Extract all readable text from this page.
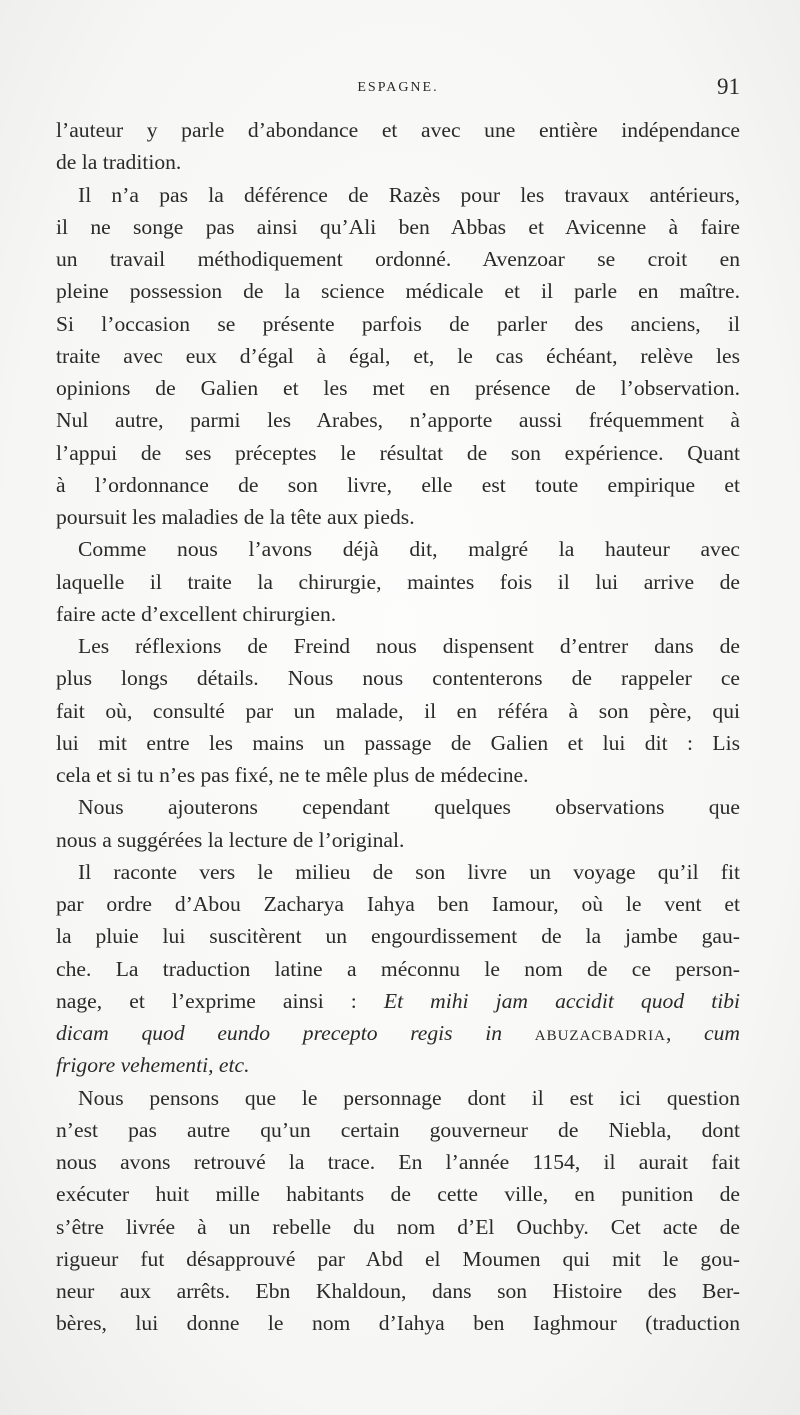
ESPAGNE.	91
l’auteur y parle d’abondance et avec une entière indépendance
de la tradition.
Il n’a pas la déférence de Razès pour les travaux antérieurs,
il ne songe pas ainsi qu’Ali ben Abbas et Avicenne à faire
un travail méthodiquement ordonné. Avenzoar se croit en
pleine possession de la science médicale et il parle en maître.
Si l’occasion se présente parfois de parler des anciens, il
traite avec eux d’égal à égal, et, le cas échéant, relève les
opinions de Galien et les met en présence de l’observation.
Nul autre, parmi les Arabes, n’apporte aussi fréquemment à
l’appui de ses préceptes le résultat de son expérience. Quant
à l’ordonnance de son livre, elle est toute empirique et
poursuit les maladies de la tête aux pieds.
Comme nous l’avons déjà dit, malgré la hauteur avec
laquelle il traite la chirurgie, maintes fois il lui arrive de
faire acte d’excellent chirurgien.
Les réflexions de Freind nous dispensent d’entrer dans de
plus longs détails. Nous nous contenterons de rappeler ce
fait où, consulté par un malade, il en référa à son père, qui
lui mit entre les mains un passage de Galien et lui dit : Lis
cela et si tu n’es pas fixé, ne te mêle plus de médecine.
Nous ajouterons cependant quelques observations que
nous a suggérées la lecture de l’original.
Il raconte vers le milieu de son livre un voyage qu’il fit
par ordre d’Abou Zacharya Iahya ben Iamour, où le vent et
la pluie lui suscitèrent un engourdissement de la jambe gau-
che. La traduction latine a méconnu le nom de ce person-
nage, et l’exprime ainsi : Et mihi jam accidit quod tibi
dicam quod eundo precepto regis in ABUZACBADRIA, cum
frigore vehementi, etc.
Nous pensons que le personnage dont il est ici question
n’est pas autre qu’un certain gouverneur de Niebla, dont
nous avons retrouvé la trace. En l’année 1154, il aurait fait
exécuter huit mille habitants de cette ville, en punition de
s’être livrée à un rebelle du nom d’El Ouchby. Cet acte de
rigueur fut désapprouvé par Abd el Moumen qui mit le gou-
neur aux arrêts. Ebn Khaldoun, dans son Histoire des Ber-
bères, lui donne le nom d’Iahya ben Iaghmour (traduction
